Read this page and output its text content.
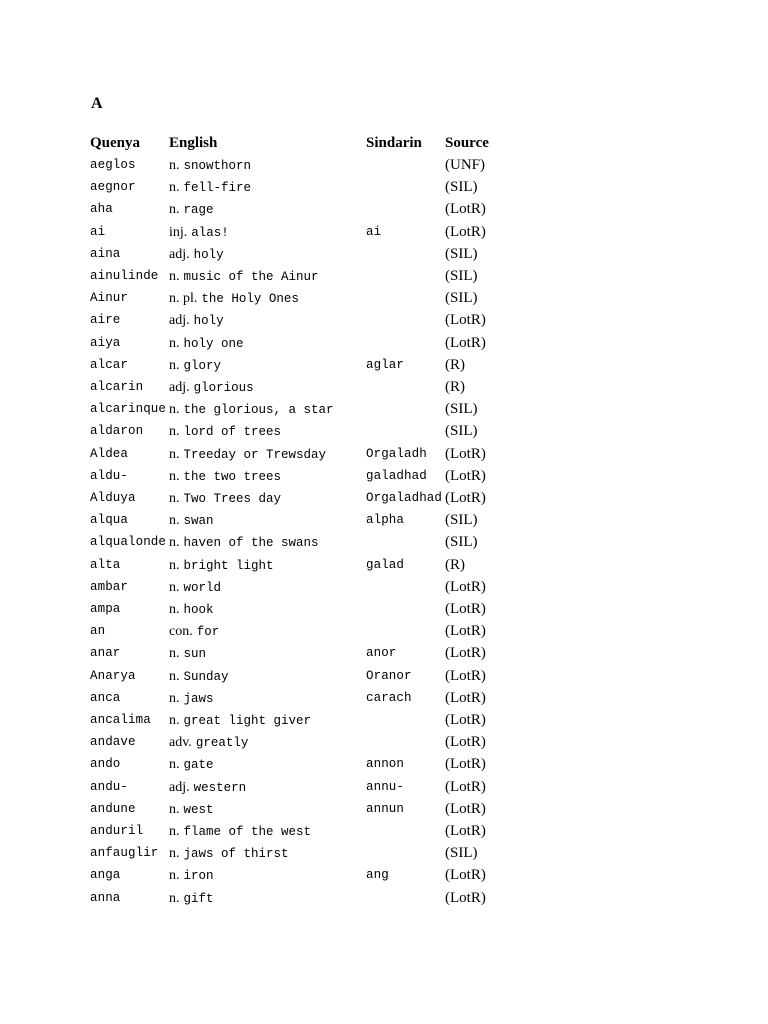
A
Quenya English	Sindarin Source
aeglos n. snowthorn	(UNF)
aegnor n. fell-fire	(SIL)
aha	n. rage	(LotR)
ai	inj. alas!	ai	(LotR)
aina	adj. holy	(SIL)
ainulinde n. music of the Ainur	(SIL)
Ainur	n. pl. the Holy Ones	(SIL)
aire	adj. holy	(LotR)
aiya	n. holy one	(LotR)
alcar	n. glory	aglar	(R)
alcarin adj. glorious	(R)
alcarinque n. the glorious, a star	(SIL)
aldaron n. lord of trees	(SIL)
Aldea	n. Treeday or Trewsday	Orgaladh (LotR)
aldu-	n. the two trees	galadhad (LotR)
Alduya n. Two Trees day	Orgaladhad (LotR)
alqua	n. swan	alpha	(SIL)
alqualonde n. haven of the swans	(SIL)
alta	n. bright light	galad	(R)
ambar	n. world	(LotR)
ampa	n. hook	(LotR)
an	con. for	(LotR)
anar	n. sun	anor	(LotR)
Anarya n. Sunday	Oranor (LotR)
anca	n. jaws	carach (LotR)
ancalima n. great light giver	(LotR)
andave adv. greatly	(LotR)
ando	n. gate	annon	(LotR)
andu-	adj. western	annu-	(LotR)
andune n. west	annun	(LotR)
anduril n. flame of the west	(LotR)
anfauglir n. jaws of thirst	(SIL)
anga	n. iron	ang	(LotR)
anna	n. gift	(LotR)
